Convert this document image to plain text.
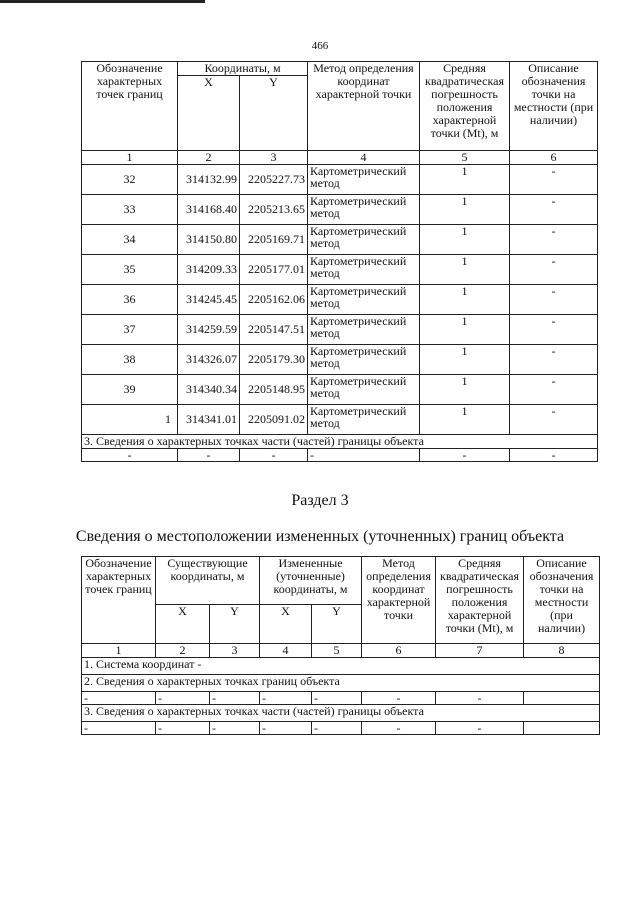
466
Обозначение характерных точек границ	Координаты, м		Метод определения координат характерной точки	Средняя квадратическая погрешность положения характерной точки (Mt), м	Описание обозначения точки на местности (при наличии)
	X	Y			
1	2	3	4	5	6
32	314132.99	2205227.73	Картометрический метод	1	-
33	314168.40	2205213.65	Картометрический метод	1	-
34	314150.80	2205169.71	Картометрический метод	1	-
35	314209.33	2205177.01	Картометрический метод	1	-
36	314245.45	2205162.06	Картометрический метод	1	-
37	314259.59	2205147.51	Картометрический метод	1	-
38	314326.07	2205179.30	Картометрический метод	1	-
39	314340.34	2205148.95	Картометрический метод	1	-
1	314341.01	2205091.02	Картометрический метод	1	-
3. Сведения о характерных точках части (частей) границы объекта					
-	-	-	-	-	-
Раздел 3
Сведения о местоположении измененных (уточненных) границ объекта
Обозначение характерных точек границ	Существующие координаты, м		Измененные (уточненные) координаты, м		Метод определения координат характерной точки	Средняя квадратическая погрешность положения характерной точки (Mt), м	Описание обозначения точки на местности (при наличии)
	X	Y	X	Y			
1	2	3	4	5	6	7	8
1. Система координат -							
2. Сведения о характерных точках границ объекта							
-	-	-	-	-	-	-	
3. Сведения о характерных точках части (частей) границы объекта							
-	-	-	-	-	-	-	
